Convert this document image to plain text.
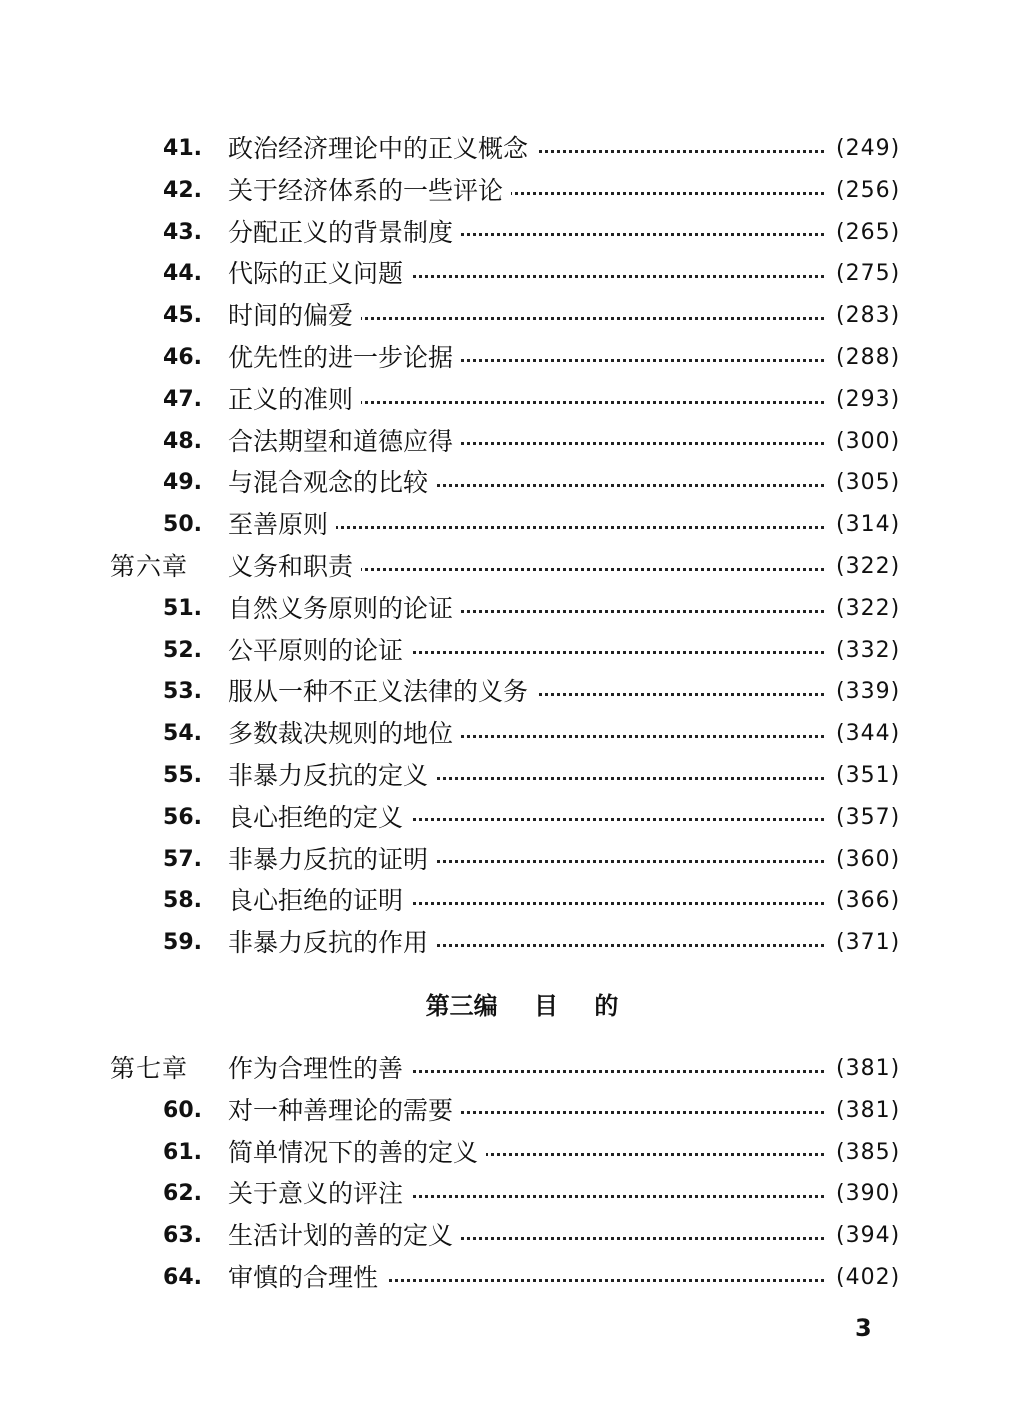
41. 政治经济理论中的正义概念	(249)
42. 关于经济体系的一些评论	(256)
43. 分配正义的背景制度	(265)
44. 代际的正义问题	(275)
45. 时间的偏爱	(283)
46. 优先性的进一步论据	(288)
47. 正义的准则	(293)
48. 合法期望和道德应得	(300)
49. 与混合观念的比较	(305)
50. 至善原则	(314)
第六章	义务和职责	(322)
51. 自然义务原则的论证	(322)
52. 公平原则的论证	(332)
53. 服从一种不正义法律的义务	(339)
54. 多数裁决规则的地位	(344)
55. 非暴力反抗的定义	(351)
56. 良心拒绝的定义	(357)
57. 非暴力反抗的证明	(360)
58. 良心拒绝的证明	(366)
59. 非暴力反抗的作用	(371)
第三编 目 的
第七章	作为合理性的善	(381)
60. 对一种善理论的需要	(381)
61. 简单情况下的善的定义	(385)
62. 关于意义的评注	(390)
63. 生活计划的善的定义	(394)
64. 审慎的合理性	(402)
3
